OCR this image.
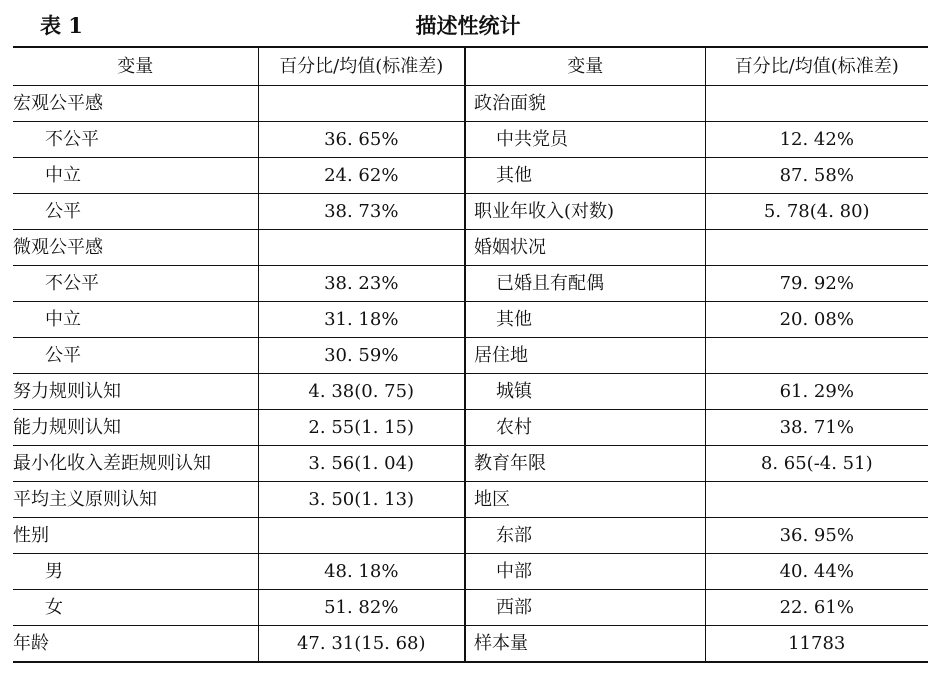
表 1	描述性统计
变量	百分比/均值(标准差)	变量	百分比/均值(标准差)
宏观公平感		政治面貌	
不公平	36. 65%	中共党员	12. 42%
中立	24. 62%	其他	87. 58%
公平	38. 73%	职业年收入(对数)	5. 78(4. 80)
微观公平感		婚姻状况	
不公平	38. 23%	已婚且有配偶	79. 92%
中立	31. 18%	其他	20. 08%
公平	30. 59%	居住地	
努力规则认知	4. 38(0. 75)	城镇	61. 29%
能力规则认知	2. 55(1. 15)	农村	38. 71%
最小化收入差距规则认知	3. 56(1. 04)	教育年限	8. 65(-4. 51)
平均主义原则认知	3. 50(1. 13)	地区	
性别		东部	36. 95%
男	48. 18%	中部	40. 44%
女	51. 82%	西部	22. 61%
年龄	47. 31(15. 68)	样本量	11783
